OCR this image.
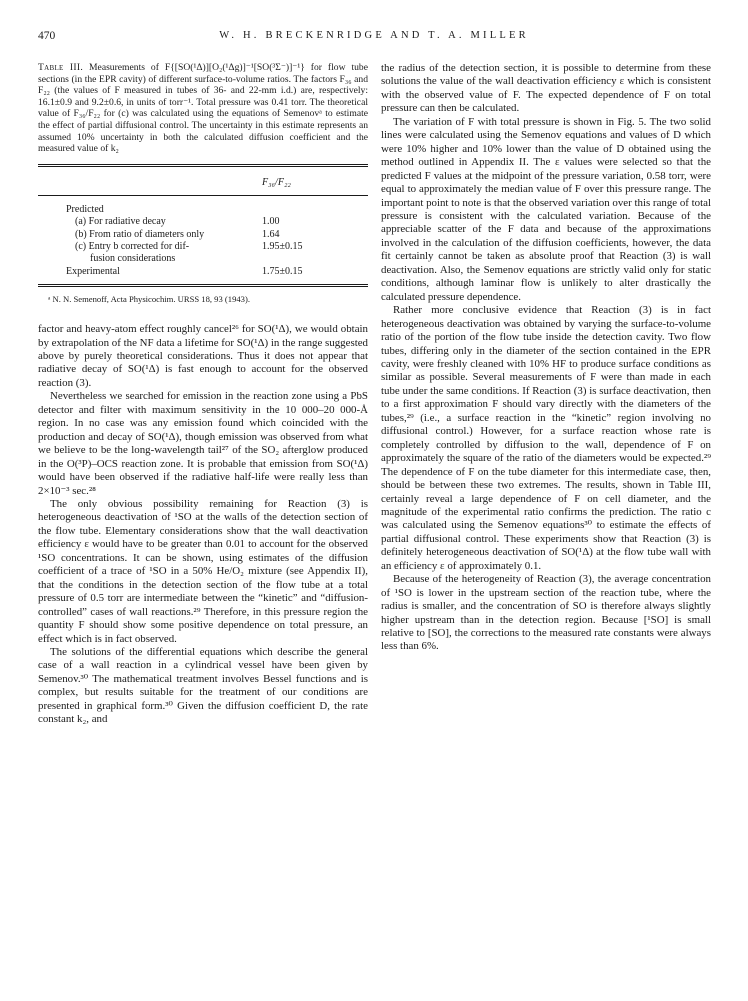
470	W. H. BRECKENRIDGE AND T. A. MILLER

Table III. Measurements of F{[SO(¹Δ)][O₂(¹Δg)]⁻¹[SO(³Σ⁻)]⁻¹} for flow tube sections (in the EPR cavity) of different surface-to-volume ratios. The factors F₃₆ and F₂₂ (the values of F measured in tubes of 36- and 22-mm i.d.) are, respectively: 16.1±0.9 and 9.2±0.6, in units of torr⁻¹. Total pressure was 0.41 torr. The theoretical value of F₃₆/F₂₂ for (c) was calculated using the equations of Semenovᵃ to estimate the effect of partial diffusional control. The uncertainty in this estimate represents an assumed 10% uncertainty in both the calculated diffusion coefficient and the measured value of k₂

F₃₆/F₂₂
Predicted
(a) For radiative decay	1.00
(b) From ratio of diameters only	1.64
(c) Entry b corrected for dif-	1.95±0.15
fusion considerations
Experimental	1.75±0.15
ᵃ N. N. Semenoff, Acta Physicochim. URSS 18, 93 (1943).

factor and heavy-atom effect roughly cancel²⁶ for SO(¹Δ), we would obtain by extrapolation of the NF data a lifetime for SO(¹Δ) in the range suggested above by purely theoretical considerations. Thus it does not appear that radiative decay of SO(¹Δ) is fast enough to account for the observed reaction (3).

Nevertheless we searched for emission in the reaction zone using a PbS detector and filter with maximum sensitivity in the 10 000–20 000-Å region. In no case was any emission found which coincided with the production and decay of SO(¹Δ), though emission was observed from what we believe to be the long-wavelength tail²⁷ of the SO₂ afterglow produced in the O(³P)–OCS reaction zone. It is probable that emission from SO(¹Δ) would have been observed if the radiative half-life were really less than 2×10⁻³ sec.²⁸

The only obvious possibility remaining for Reaction (3) is heterogeneous deactivation of ¹SO at the walls of the detection section of the flow tube. Elementary considerations show that the wall deactivation efficiency ε would have to be greater than 0.01 to account for the observed ¹SO concentrations. It can be shown, using estimates of the diffusion coefficient of a trace of ¹SO in a 50% He/O₂ mixture (see Appendix II), that the conditions in the detection section of the flow tube at a total pressure of 0.5 torr are intermediate between the “kinetic” and “diffusion-controlled” cases of wall reactions.²⁹ Therefore, in this pressure region the quantity F should show some positive dependence on total pressure, an effect which is in fact observed.

The solutions of the differential equations which describe the general case of a wall reaction in a cylindrical vessel have been given by Semenov.³⁰ The mathematical treatment involves Bessel functions and is complex, but results suitable for the treatment of our conditions are presented in graphical form.³⁰ Given the diffusion coefficient D, the rate constant k₂, and

the radius of the detection section, it is possible to determine from these solutions the value of the wall deactivation efficiency ε which is consistent with the observed value of F. The expected dependence of F on total pressure can then be calculated.

The variation of F with total pressure is shown in Fig. 5. The two solid lines were calculated using the Semenov equations and values of D which were 10% higher and 10% lower than the value of D obtained using the method outlined in Appendix II. The ε values were selected so that the predicted F values at the midpoint of the pressure variation, 0.58 torr, were equal to approximately the median value of F over this pressure range. The important point to note is that the observed variation over this range of total pressure is consistent with the calculated variation. Because of the appreciable scatter of the F data and because of the approximations involved in the calculation of the diffusion coefficients, however, the data fit certainly cannot be taken as absolute proof that Reaction (3) is wall deactivation. Also, the Semenov equations are strictly valid only for static conditions, although laminar flow is unlikely to alter drastically the calculated pressure dependence.

Rather more conclusive evidence that Reaction (3) is in fact heterogeneous deactivation was obtained by varying the surface-to-volume ratio of the portion of the flow tube inside the detection cavity. Two flow tubes, differing only in the diameter of the section contained in the EPR cavity, were freshly cleaned with 10% HF to produce surface conditions as similar as possible. Several measurements of F were than made in each tube under the same conditions. If Reaction (3) is surface deactivation, then to a first approximation F should vary directly with the diameters of the tubes,²⁹ (i.e., a surface reaction in the “kinetic” region involving no diffusional control.) However, for a surface reaction whose rate is completely controlled by diffusion to the wall, dependence of F on approximately the square of the ratio of the diameters would be expected.²⁹ The dependence of F on the tube diameter for this intermediate case, then, should be between these two extremes. The results, shown in Table III, certainly reveal a large dependence of F on cell diameter, and the magnitude of the experimental ratio confirms the prediction. The ratio c was calculated using the Semenov equations³⁰ to estimate the effects of partial diffusional control. These experiments show that Reaction (3) is definitely heterogeneous deactivation of SO(¹Δ) at the flow tube wall with an efficiency ε of approximately 0.1.

Because of the heterogeneity of Reaction (3), the average concentration of ¹SO is lower in the upstream section of the reaction tube, where the radius is smaller, and the concentration of SO is therefore always slightly higher upstream than in the detection region. Because [¹SO] is small relative to [SO], the corrections to the measured rate constants were always less than 6%.
